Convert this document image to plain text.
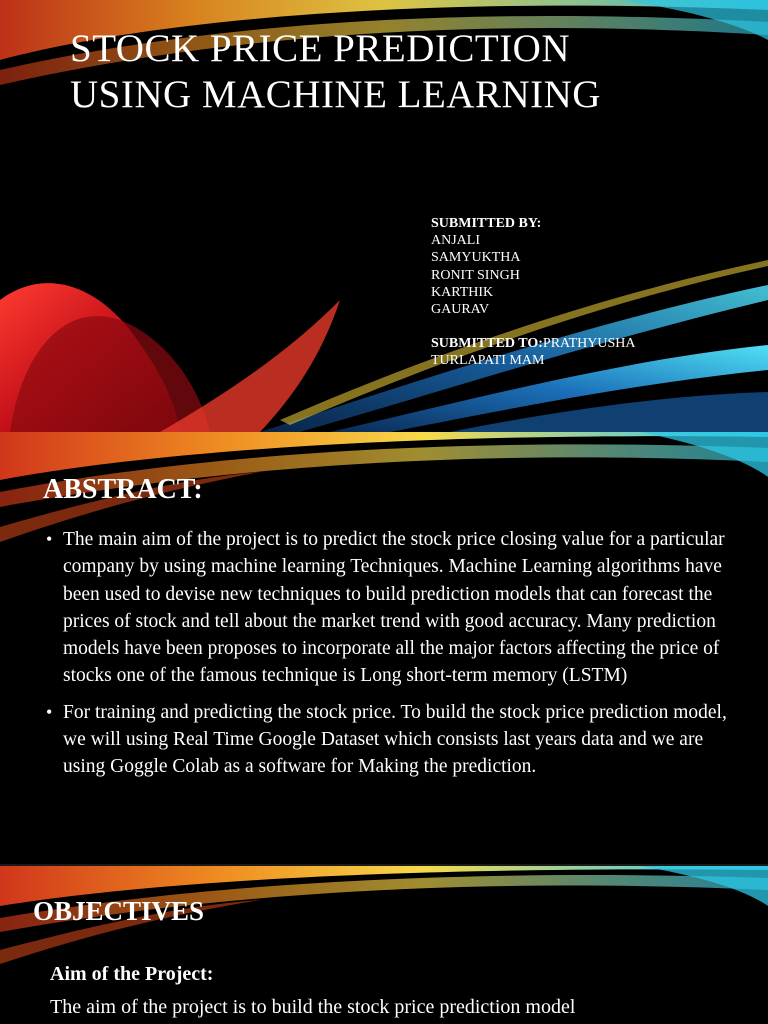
STOCK PRICE PREDICTION
USING MACHINE LEARNING
SUBMITTED BY:
ANJALI
SAMYUKTHA
RONIT SINGH
KARTHIK
GAURAV
SUBMITTED TO:PRATHYUSHA
TURLAPATI MAM
ABSTRACT:
• The main aim of the project is to predict the stock price closing value for a particular company by using machine learning Techniques. Machine Learning algorithms have been used to devise new techniques to build prediction models that can forecast the prices of stock and tell about the market trend with good accuracy. Many prediction models have been proposes to incorporate all the major factors affecting the price of stocks one of the famous technique is Long short-term memory (LSTM)
• For training and predicting the stock price. To build the stock price prediction model, we will using Real Time Google Dataset which consists last years data and we are using Goggle Colab as a software for Making the prediction.
OBJECTIVES
Aim of the Project:
The aim of the project is to build the stock price prediction model
